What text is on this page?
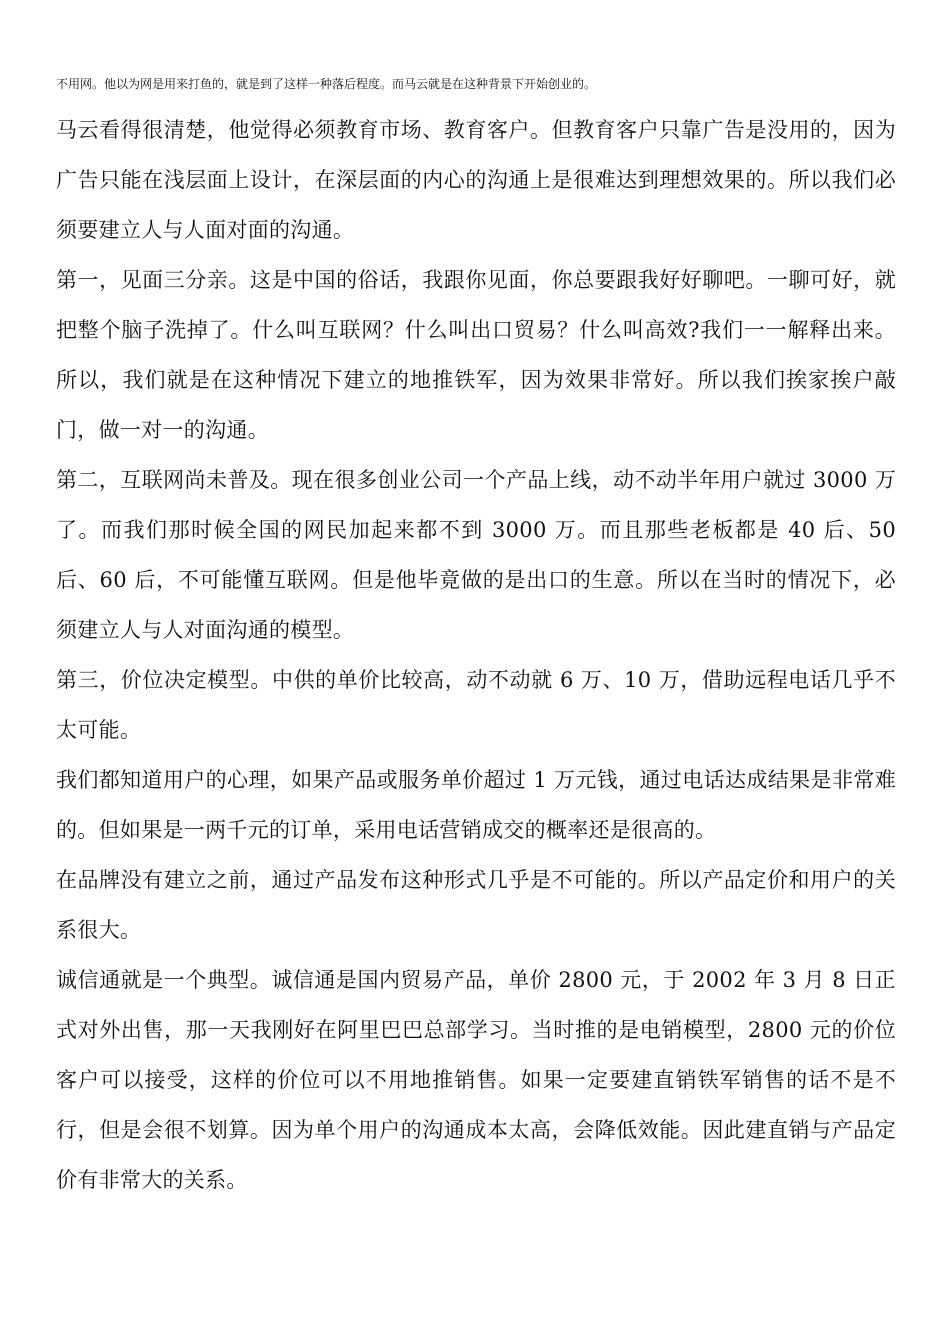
不用网。他以为网是用来打鱼的，就是到了这样一种落后程度。而马云就是在这种背景下开始创业的。

马云看得很清楚，他觉得必须教育市场、教育客户。但教育客户只靠广告是没用的，因为广告只能在浅层面上设计，在深层面的内心的沟通上是很难达到理想效果的。所以我们必须要建立人与人面对面的沟通。

第一，见面三分亲。这是中国的俗话，我跟你见面，你总要跟我好好聊吧。一聊可好，就把整个脑子洗掉了。什么叫互联网？什么叫出口贸易？什么叫高效?我们一一解释出来。所以，我们就是在这种情况下建立的地推铁军，因为效果非常好。所以我们挨家挨户敲门，做一对一的沟通。

第二，互联网尚未普及。现在很多创业公司一个产品上线，动不动半年用户就过 3000 万了。而我们那时候全国的网民加起来都不到 3000 万。而且那些老板都是 40 后、50 后、60 后，不可能懂互联网。但是他毕竟做的是出口的生意。所以在当时的情况下，必须建立人与人对面沟通的模型。

第三，价位决定模型。中供的单价比较高，动不动就 6 万、10 万，借助远程电话几乎不太可能。

我们都知道用户的心理，如果产品或服务单价超过 1 万元钱，通过电话达成结果是非常难的。但如果是一两千元的订单，采用电话营销成交的概率还是很高的。

在品牌没有建立之前，通过产品发布这种形式几乎是不可能的。所以产品定价和用户的关系很大。

诚信通就是一个典型。诚信通是国内贸易产品，单价 2800 元，于 2002 年 3 月 8 日正式对外出售，那一天我刚好在阿里巴巴总部学习。当时推的是电销模型，2800 元的价位客户可以接受，这样的价位可以不用地推销售。如果一定要建直销铁军销售的话不是不行，但是会很不划算。因为单个用户的沟通成本太高，会降低效能。因此建直销与产品定价有非常大的关系。
